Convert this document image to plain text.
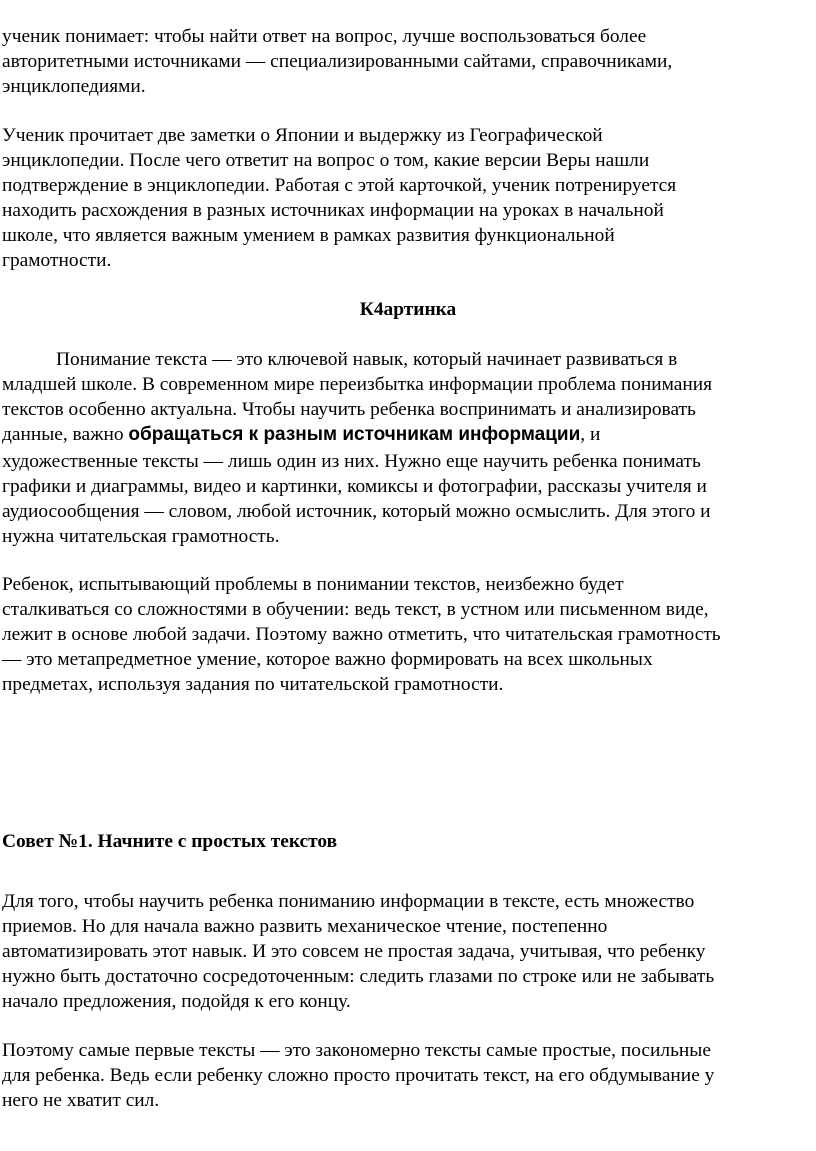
ученик понимает: чтобы найти ответ на вопрос, лучше воспользоваться более
авторитетными источниками — специализированными сайтами, справочниками,
энциклопедиями.

Ученик прочитает две заметки о Японии и выдержку из Географической
энциклопедии. После чего ответит на вопрос о том, какие версии Веры нашли
подтверждение в энциклопедии. Работая с этой карточкой, ученик потренируется
находить расхождения в разных источниках информации на уроках в начальной
школе, что является важным умением в рамках развития функциональной
грамотности.

К4артинка

Понимание текста — это ключевой навык, который начинает развиваться в
младшей школе. В современном мире переизбытка информации проблема понимания
текстов особенно актуальна. Чтобы научить ребенка воспринимать и анализировать
данные, важно обращаться к разным источникам информации, и
художественные тексты — лишь один из них. Нужно еще научить ребенка понимать
графики и диаграммы, видео и картинки, комиксы и фотографии, рассказы учителя и
аудиосообщения — словом, любой источник, который можно осмыслить. Для этого и
нужна читательская грамотность.

Ребенок, испытывающий проблемы в понимании текстов, неизбежно будет
сталкиваться со сложностями в обучении: ведь текст, в устном или письменном виде,
лежит в основе любой задачи. Поэтому важно отметить, что читательская грамотность
— это метапредметное умение, которое важно формировать на всех школьных
предметах, используя задания по читательской грамотности.

Совет №1. Начните с простых текстов

Для того, чтобы научить ребенка пониманию информации в тексте, есть множество
приемов. Но для начала важно развить механическое чтение, постепенно
автоматизировать этот навык. И это совсем не простая задача, учитывая, что ребенку
нужно быть достаточно сосредоточенным: следить глазами по строке или не забывать
начало предложения, подойдя к его концу.

Поэтому самые первые тексты — это закономерно тексты самые простые, посильные
для ребенка. Ведь если ребенку сложно просто прочитать текст, на его обдумывание у
него не хватит сил.
